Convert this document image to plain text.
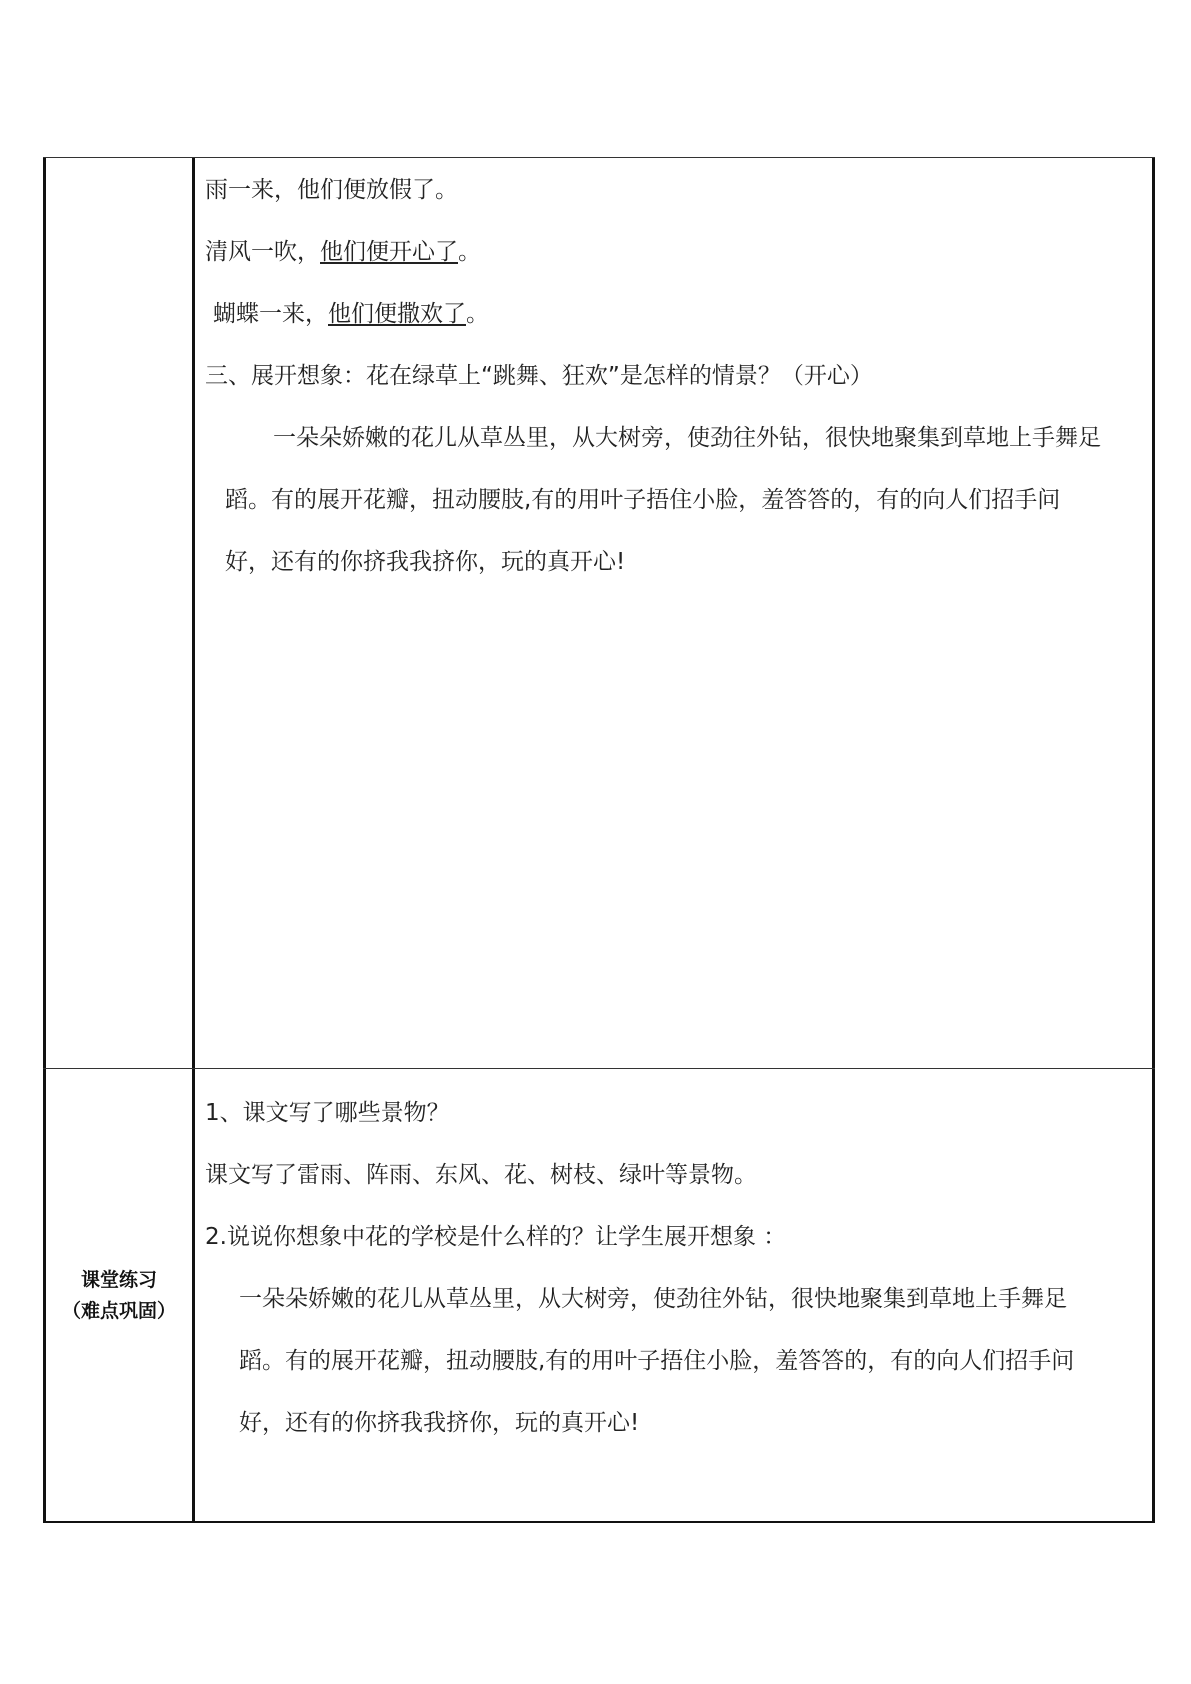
雨一来，他们便放假了。
清风一吹，他们便开心了。
蝴蝶一来，他们便撒欢了。
三、展开想象：花在绿草上“跳舞、狂欢”是怎样的情景？（开心）
一朵朵娇嫩的花儿从草丛里，从大树旁，使劲往外钻，很快地聚集到草地上手舞足
蹈。有的展开花瓣，扭动腰肢,有的用叶子捂住小脸，羞答答的，有的向人们招手问
好，还有的你挤我我挤你，玩的真开心!
课堂练习
（难点巩固）
1、课文写了哪些景物？
课文写了雷雨、阵雨、东风、花、树枝、绿叶等景物。
2.说说你想象中花的学校是什么样的？让学生展开想象 ：
一朵朵娇嫩的花儿从草丛里，从大树旁，使劲往外钻，很快地聚集到草地上手舞足
蹈。有的展开花瓣，扭动腰肢,有的用叶子捂住小脸，羞答答的，有的向人们招手问
好，还有的你挤我我挤你，玩的真开心!
